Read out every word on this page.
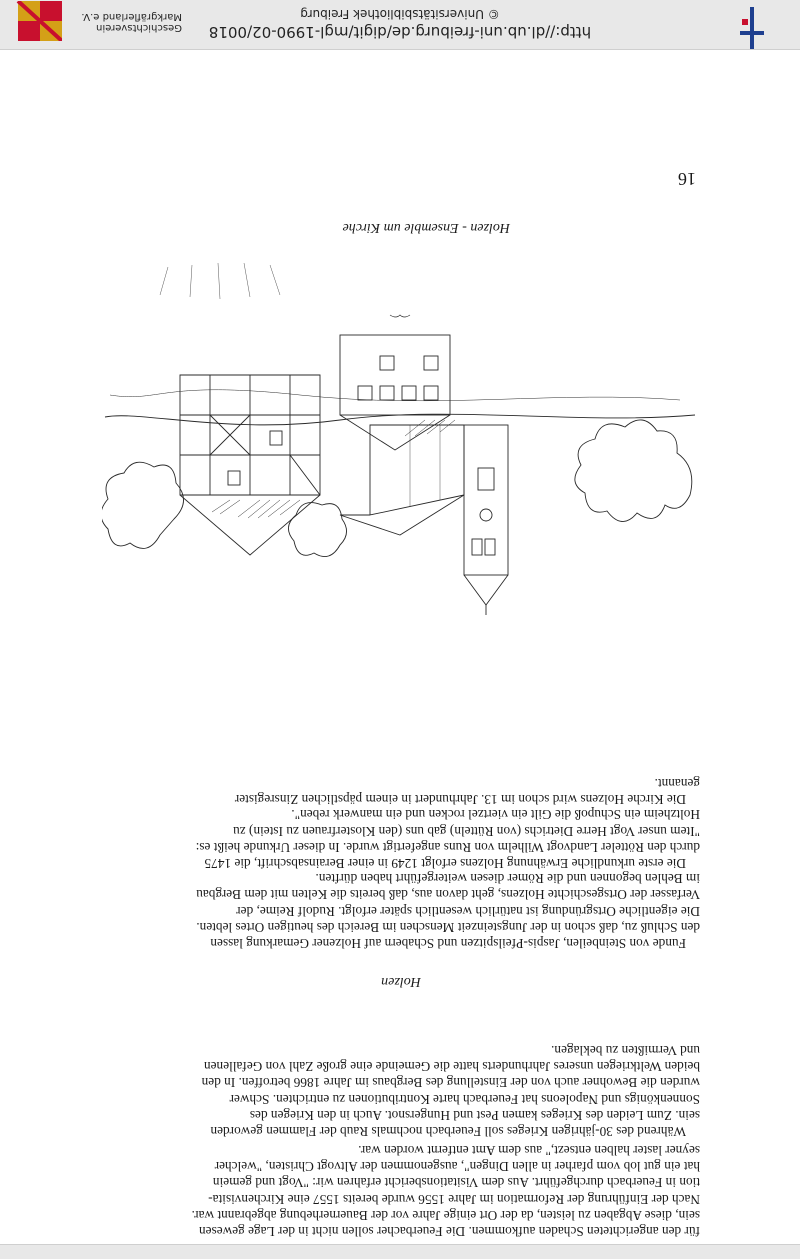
für den angerichteten Schaden aufkommen. Die Feuerbacher sollen nicht in der Lage gewesen
sein, diese Abgaben zu leisten, da der Ort einige Jahre vor der Bauernerhebung abgebrannt war.
Nach der Einführung der Reformation im Jahre 1556 wurde bereits 1557 eine Kirchenvisita-
tion in Feuerbach durchgeführt. Aus dem Visitationsbericht erfahren wir: "Vogt und gemein
hat ein gut lob vom pfarher in allen Dingen", ausgenommen der Altvogt Christen, "welcher
seyner laster halben entsezt," aus dem Amt entfernt worden war.
Während des 30-jährigen Krieges soll Feuerbach nochmals Raub der Flammen geworden
sein. Zum Leiden des Krieges kamen Pest und Hungersnot. Auch in den Kriegen des
Sonnenkönigs und Napoleons hat Feuerbach harte Kontributionen zu entrichten. Schwer
wurden die Bewohner auch von der Einstellung des Bergbaus im Jahre 1866 betroffen. In den
beiden Weltkriegen unseres Jahrhunderts hatte die Gemeinde eine große Zahl von Gefallenen
und Vermißten zu beklagen.
Holzen
Funde von Steinbeilen, Jaspis-Pfeilspitzen und Schabern auf Holzener Gemarkung lassen
den Schluß zu, daß schon in der Jungsteinzeit Menschen im Bereich des heutigen Ortes lebten.
Die eigentliche Ortsgründung ist natürlich wesentlich später erfolgt. Rudolf Reime, der
Verfasser der Ortsgeschichte Holzens, geht davon aus, daß bereits die Kelten mit dem Bergbau
im Behlen begonnen und die Römer diesen weitergeführt haben dürften.
Die erste urkundliche Erwähnung Holzens erfolgt 1249 in einer Berainsabschrift, die 1475
durch den Rötteler Landvogt Wilhelm von Runs angefertigt wurde. In dieser Urkunde heißt es:
"Item unser Vogt Herre Dietrichs (von Rütteln) gab uns (den Klosterfrauen zu Istein) zu
Holtzheim ein Schupoß die Gilt ein viertzel rocken und ein manwerk reben".
Die Kirche Holzens wird schon im 13. Jahrhundert in einem päpstlichen Zinsregister
genannt.
Holzen - Ensemble um Kirche
16
http://dl.ub.uni-freiburg.de/digit/mgl-1990-02/0018
© Universitätsbibliothek Freiburg
Geschichtsverein
Markgräflerland e.V.
